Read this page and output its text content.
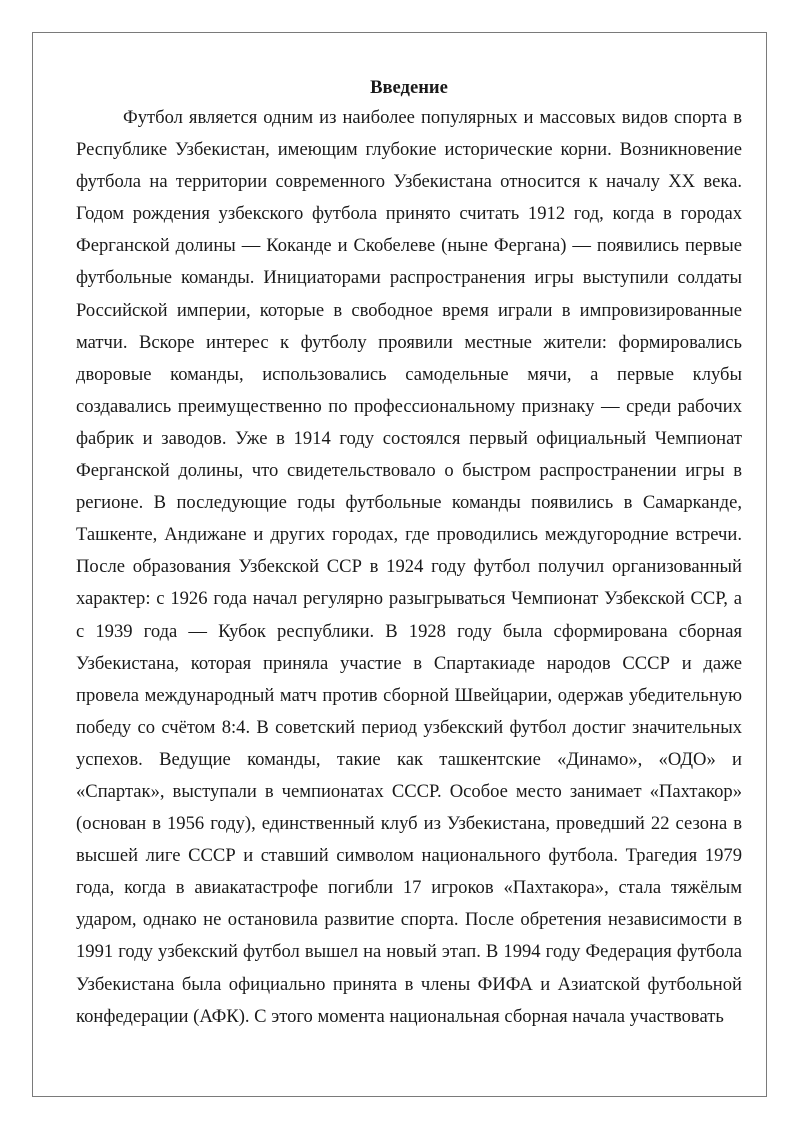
Введение

Футбол является одним из наиболее популярных и массовых видов спорта в Республике Узбекистан, имеющим глубокие исторические корни. Возникновение футбола на территории современного Узбекистана относится к началу XX века. Годом рождения узбекского футбола принято считать 1912 год, когда в городах Ферганской долины — Коканде и Скобелеве (ныне Фергана) — появились первые футбольные команды. Инициаторами распространения игры выступили солдаты Российской империи, которые в свободное время играли в импровизированные матчи. Вскоре интерес к футболу проявили местные жители: формировались дворовые команды, использовались самодельные мячи, а первые клубы создавались преимущественно по профессиональному признаку — среди рабочих фабрик и заводов. Уже в 1914 году состоялся первый официальный Чемпионат Ферганской долины, что свидетельствовало о быстром распространении игры в регионе. В последующие годы футбольные команды появились в Самарканде, Ташкенте, Андижане и других городах, где проводились междугородние встречи. После образования Узбекской ССР в 1924 году футбол получил организованный характер: с 1926 года начал регулярно разыгрываться Чемпионат Узбекской ССР, а с 1939 года — Кубок республики. В 1928 году была сформирована сборная Узбекистана, которая приняла участие в Спартакиаде народов СССР и даже провела международный матч против сборной Швейцарии, одержав убедительную победу со счётом 8:4. В советский период узбекский футбол достиг значительных успехов. Ведущие команды, такие как ташкентские «Динамо», «ОДО» и «Спартак», выступали в чемпионатах СССР. Особое место занимает «Пахтакор» (основан в 1956 году), единственный клуб из Узбекистана, проведший 22 сезона в высшей лиге СССР и ставший символом национального футбола. Трагедия 1979 года, когда в авиакатастрофе погибли 17 игроков «Пахтакора», стала тяжёлым ударом, однако не остановила развитие спорта. После обретения независимости в 1991 году узбекский футбол вышел на новый этап. В 1994 году Федерация футбола Узбекистана была официально принята в члены ФИФА и Азиатской футбольной конфедерации (АФК). С этого момента национальная сборная начала участвовать
